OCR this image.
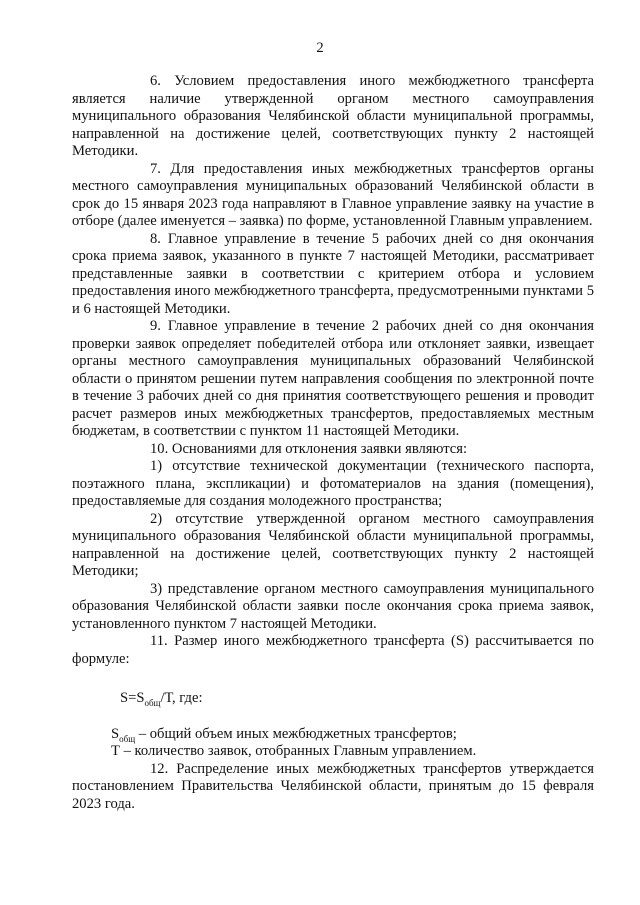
2

6. Условием предоставления иного межбюджетного трансферта является наличие утвержденной органом местного самоуправления муниципального образования Челябинской области муниципальной программы, направленной на достижение целей, соответствующих пункту 2 настоящей Методики.

7. Для предоставления иных межбюджетных трансфертов органы местного самоуправления муниципальных образований Челябинской области в срок до 15 января 2023 года направляют в Главное управление заявку на участие в отборе (далее именуется – заявка) по форме, установленной Главным управлением.

8. Главное управление в течение 5 рабочих дней со дня окончания срока приема заявок, указанного в пункте 7 настоящей Методики, рассматривает представленные заявки в соответствии с критерием отбора и условием предоставления иного межбюджетного трансферта, предусмотренными пунктами 5 и 6 настоящей Методики.

9. Главное управление в течение 2 рабочих дней со дня окончания проверки заявок определяет победителей отбора или отклоняет заявки, извещает органы местного самоуправления муниципальных образований Челябинской области о принятом решении путем направления сообщения по электронной почте в течение 3 рабочих дней со дня принятия соответствующего решения и проводит расчет размеров иных межбюджетных трансфертов, предоставляемых местным бюджетам, в соответствии с пунктом 11 настоящей Методики.

10. Основаниями для отклонения заявки являются:

1) отсутствие технической документации (технического паспорта, поэтажного плана, экспликации) и фотоматериалов на здания (помещения), предоставляемые для создания молодежного пространства;

2) отсутствие утвержденной органом местного самоуправления муниципального образования Челябинской области муниципальной программы, направленной на достижение целей, соответствующих пункту 2 настоящей Методики;

3) представление органом местного самоуправления муниципального образования Челябинской области заявки после окончания срока приема заявок, установленного пунктом 7 настоящей Методики.

11. Размер иного межбюджетного трансферта (S) рассчитывается по формуле:

$S=S_{общ}/Т$, где:

$S_{общ}$ – общий объем иных межбюджетных трансфертов;

Т – количество заявок, отобранных Главным управлением.

12. Распределение иных межбюджетных трансфертов утверждается постановлением Правительства Челябинской области, принятым до 15 февраля 2023 года.
